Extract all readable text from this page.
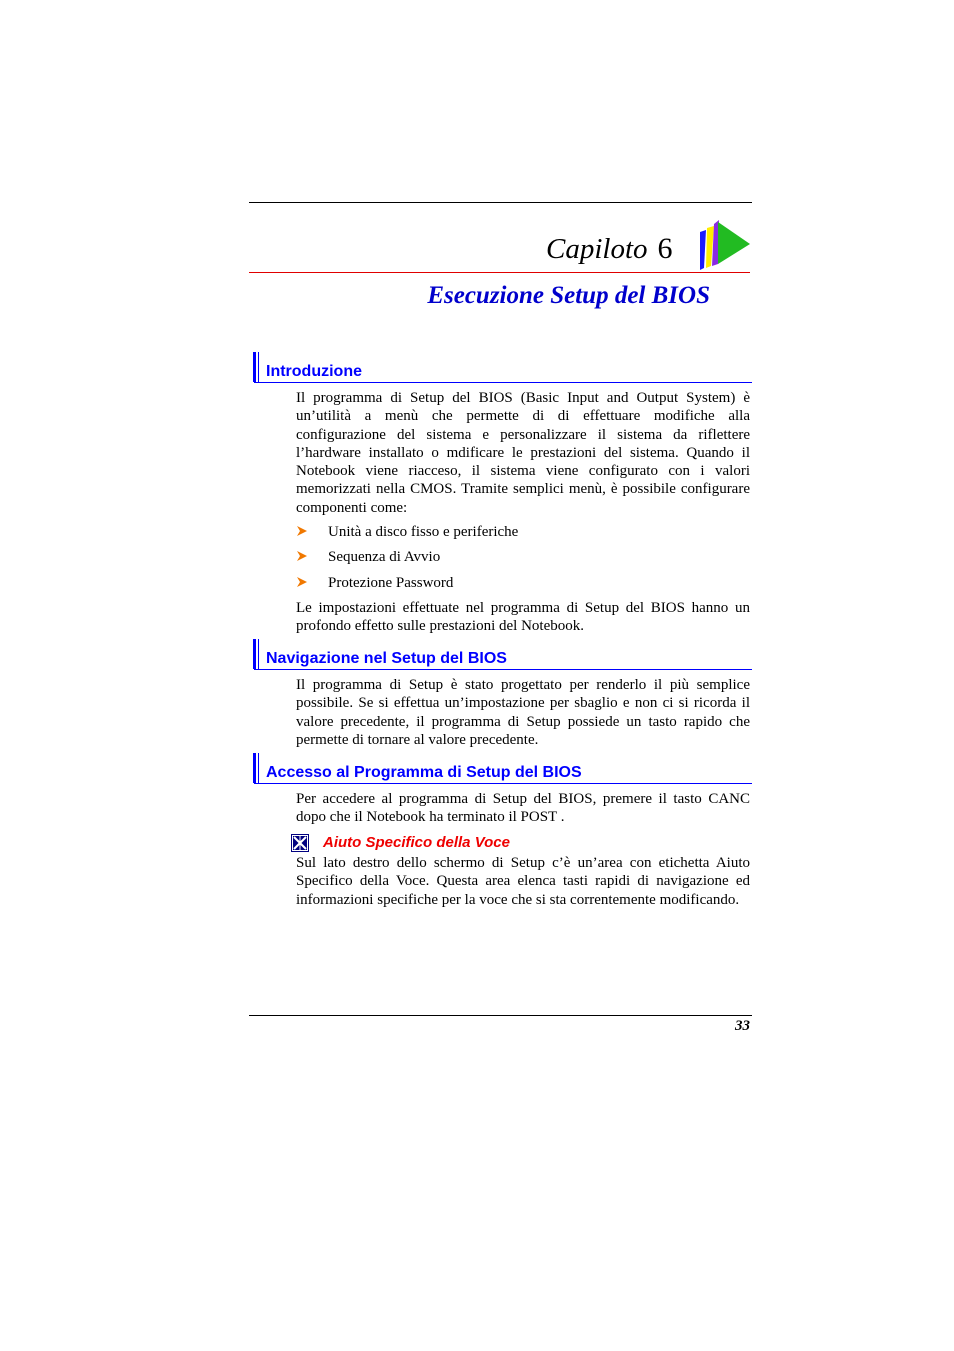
Capiloto 6
Esecuzione Setup del BIOS
Introduzione

Il programma di Setup del BIOS (Basic Input and Output System) è un’utilità a menù che permette di di effettuare modifiche alla configurazione del sistema e personalizzare il sistema da riflettere l’hardware installato o mdificare le prestazioni del sistema. Quando il Notebook viene riacceso, il sistema viene configurato con i valori memorizzati nella CMOS. Tramite semplici menù, è possibile configurare componenti come:

Unità a disco fisso e periferiche
Sequenza di Avvio
Protezione Password

Le impostazioni effettuate nel programma di Setup del BIOS hanno un profondo effetto sulle prestazioni del Notebook.

Navigazione nel Setup del BIOS

Il programma di Setup è stato progettato per renderlo il più semplice possibile. Se si effettua un’impostazione per sbaglio e non ci si ricorda il valore precedente, il programma di Setup possiede un tasto rapido che permette di tornare al valore precedente.

Accesso al Programma di Setup del BIOS

Per accedere al programma di Setup del BIOS, premere il tasto CANC dopo che il Notebook ha terminato il POST .

Aiuto Specifico della Voce

Sul lato destro dello schermo di Setup c’è un’area con etichetta Aiuto Specifico della Voce. Questa area elenca tasti rapidi di navigazione ed informazioni specifiche per la voce che si sta correntemente modificando.

33
